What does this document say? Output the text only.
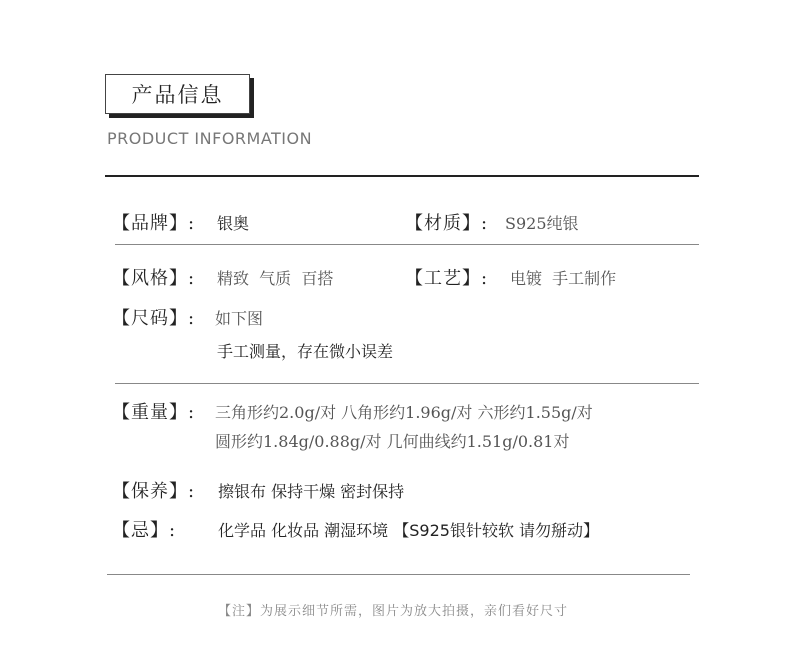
产品信息
PRODUCT INFORMATION
【品牌】: 银奥	【材质】: S925纯银
【风格】: 精致  气质  百搭	【工艺】: 电镀  手工制作
【尺码】: 如下图
手工测量，存在微小误差
【重量】: 三角形约2.0g/对 八角形约1.96g/对 六形约1.55g/对
圆形约1.84g/0.88g/对 几何曲线约1.51g/0.81对
【保养】: 擦银布 保持干燥 密封保持
【忌】:	化学品 化妆品 潮湿环境 【S925银针较软 请勿掰动】
【注】为展示细节所需，图片为放大拍摄，亲们看好尺寸
